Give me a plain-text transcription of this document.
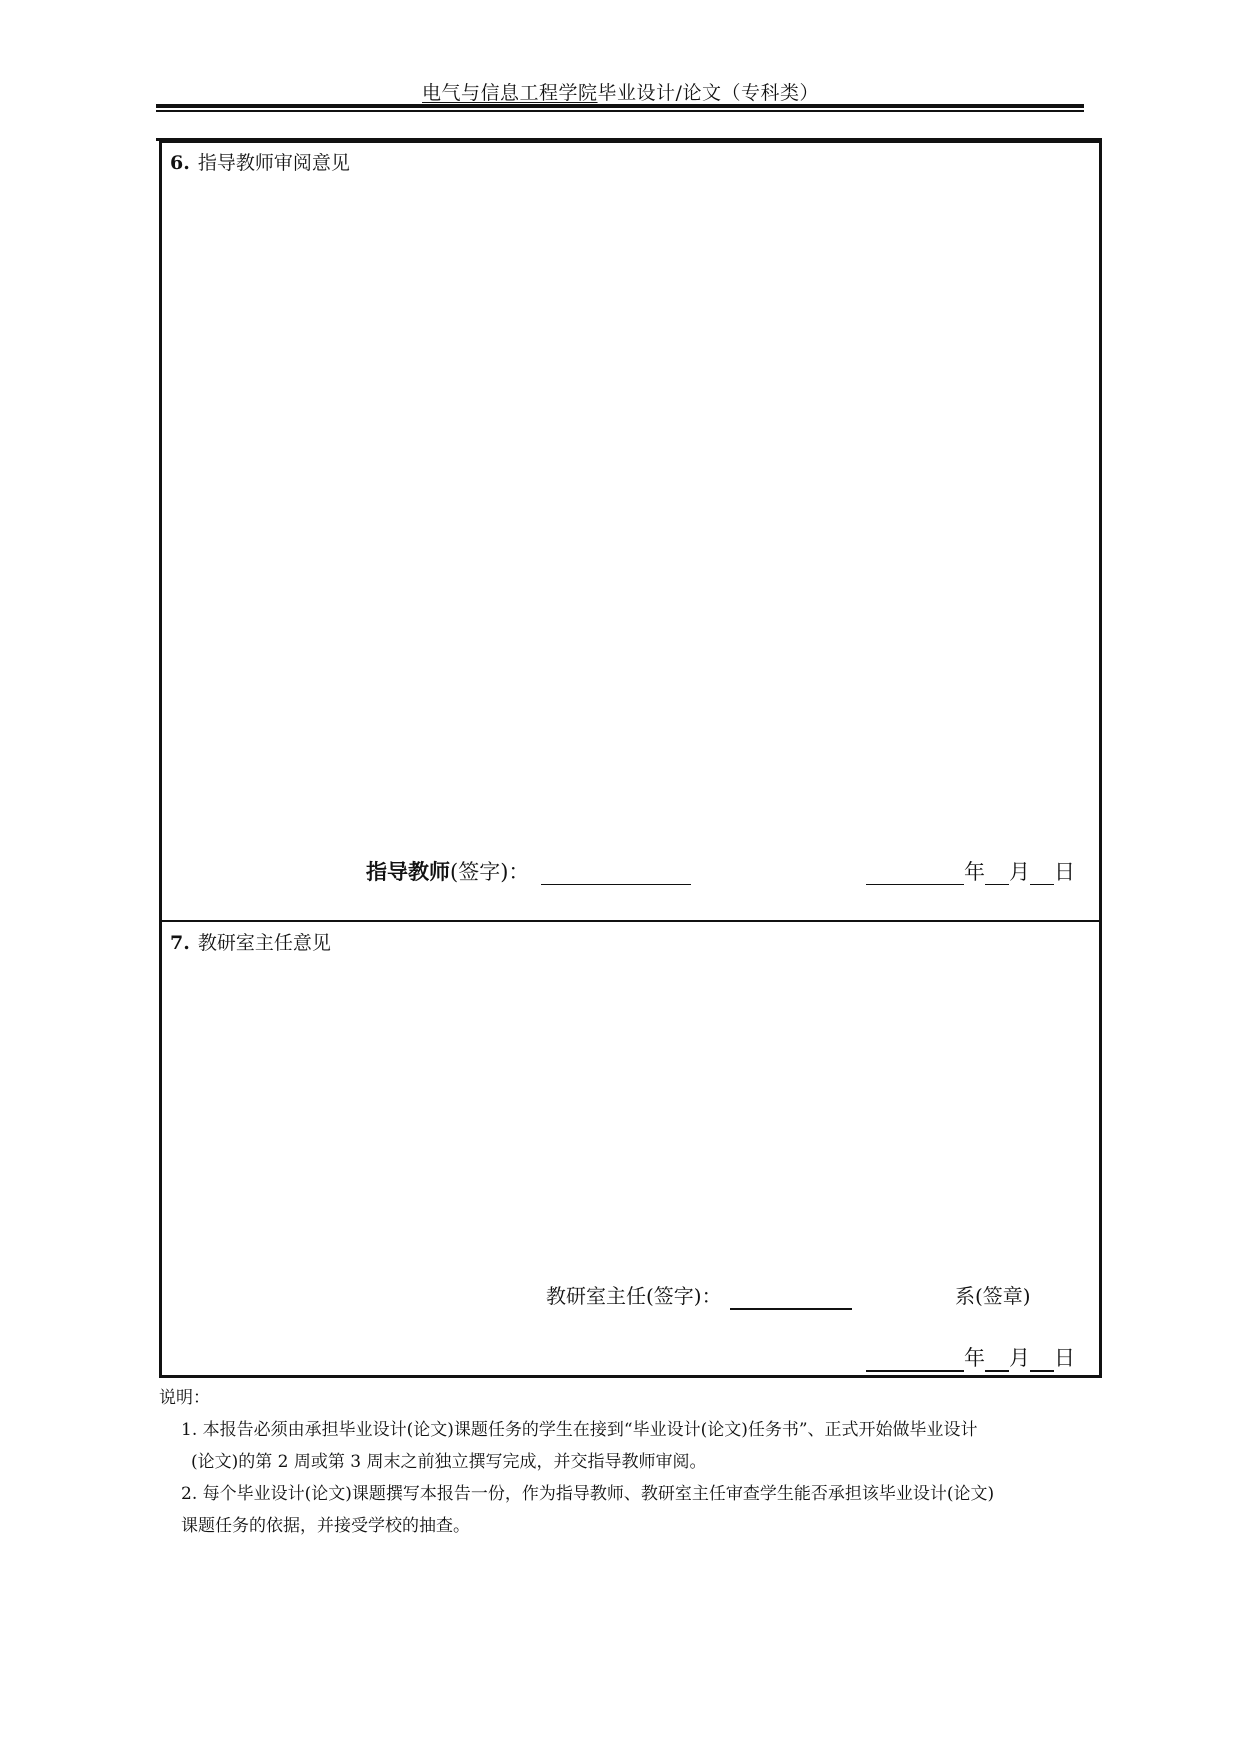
电气与信息工程学院毕业设计/论文（专科类）
6. 指导教师审阅意见
指导教师(签字)：	年 月 日
7. 教研室主任意见
教研室主任(签字)：	系(签章)
年 月 日
说明：
1. 本报告必须由承担毕业设计(论文)课题任务的学生在接到“毕业设计(论文)任务书”、正式开始做毕业设计
(论文)的第 2 周或第 3 周末之前独立撰写完成，并交指导教师审阅。
2. 每个毕业设计(论文)课题撰写本报告一份，作为指导教师、教研室主任审查学生能否承担该毕业设计(论文)
课题任务的依据，并接受学校的抽查。
